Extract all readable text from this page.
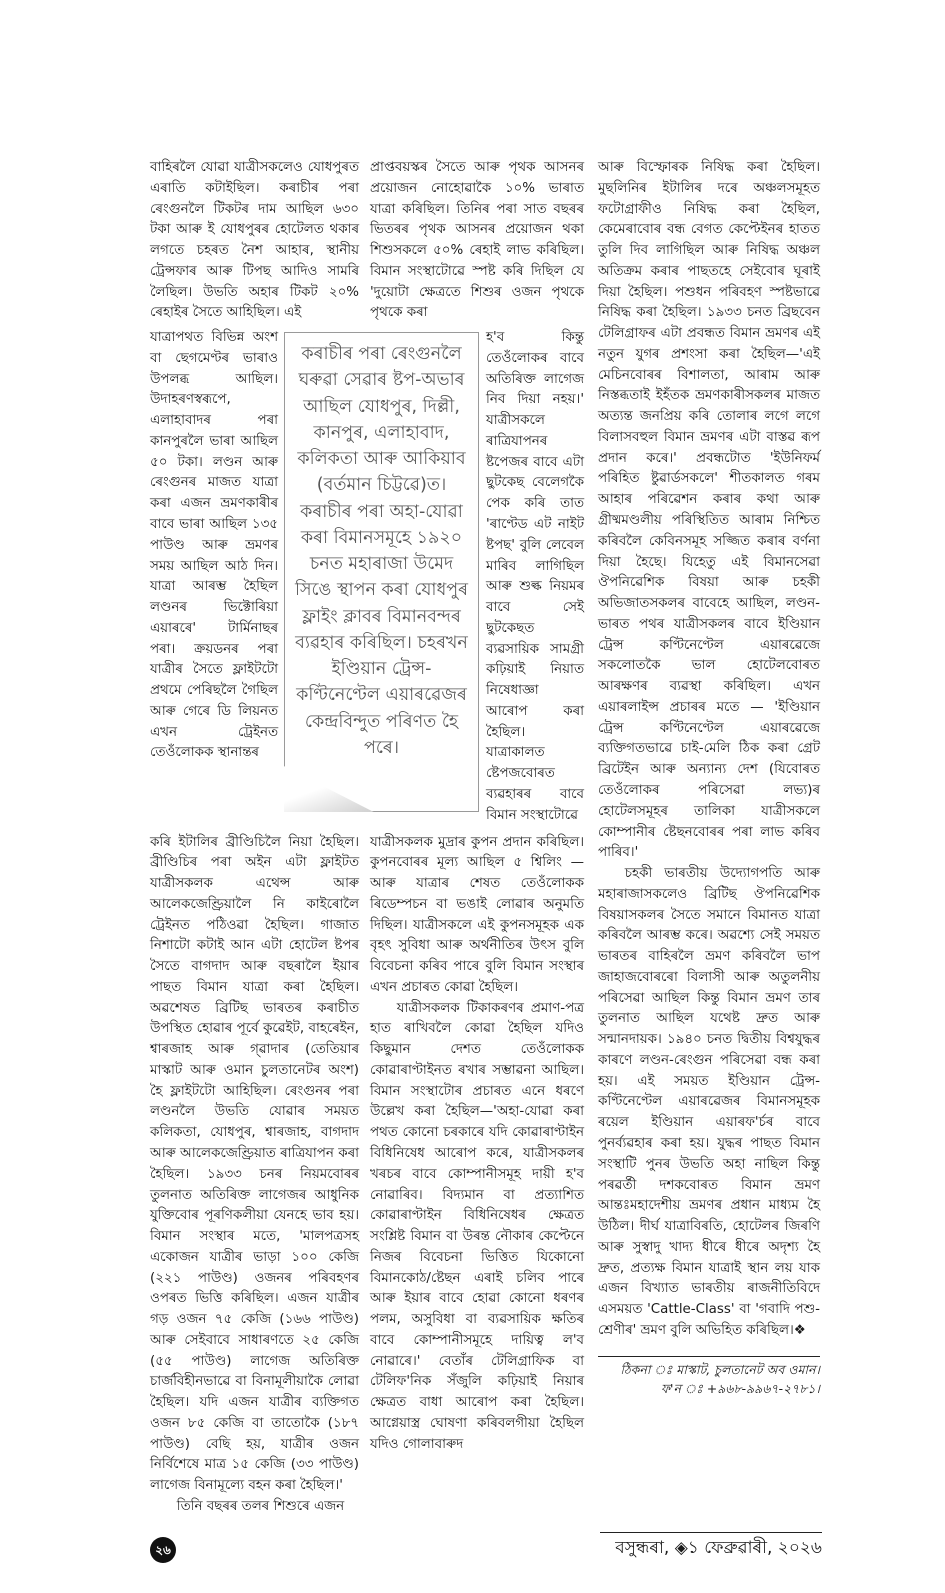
বাহিৰলৈ যোৱা যাত্ৰীসকলেও যোধপুৰত এৰাতি কটাইছিল। কৰাচীৰ পৰা ৰেংগুনলৈ টিকটৰ দাম আছিল ৬৩০ টকা আৰু ই যোধপুৰৰ হোটেলত থকাৰ লগতে চহৰত নৈশ আহাৰ, স্থানীয় ট্ৰেন্সফাৰ আৰু টিপছ আদিও সামৰি লৈছিল। উভতি অহাৰ টিকট ২০% ৰেহাইৰ সৈতে আহিছিল। এই

যাত্ৰাপথত বিভিন্ন অংশ বা ছেগমেণ্টৰ ভাৰাও উপলব্ধ আছিল। উদাহৰণস্বৰূপে, এলাহাবাদৰ পৰা কানপুৰলৈ ভাৰা আছিল ৫০ টকা। লণ্ডন আৰু ৰেংগুনৰ মাজত যাত্ৰা কৰা এজন ভ্ৰমণকাৰীৰ বাবে ভাৰা আছিল ১৩৫ পাউণ্ড আৰু ভ্ৰমণৰ সময় আছিল আঠ দিন। যাত্ৰা আৰম্ভ হৈছিল লণ্ডনৰ ভিক্টোৰিয়া এয়াৰৰে' টাৰ্মিনাছৰ পৰা। ক্ৰয়ডনৰ পৰা যাত্ৰীৰ সৈতে ফ্লাইটটো প্ৰথমে পেৰিছলৈ গৈছিল আৰু গেৰে ডি লিয়নত এখন ট্ৰেইনত তেওঁলোকক স্থানান্তৰ

কৰি ইটালিৰ ব্ৰীণ্ডিচিলৈ নিয়া হৈছিল। ব্ৰীণ্ডিচিৰ পৰা অইন এটা ফ্লাইটত যাত্ৰীসকলক এথেন্স আৰু আলেকজেণ্ড্ৰিয়ালৈ নি কাইৰোলৈ ট্ৰেইনত পঠিওৱা হৈছিল। গাজাত নিশাটো কটাই আন এটা হোটেল ষ্টপৰ সৈতে বাগদাদ আৰু বছৰালৈ ইয়াৰ পাছত বিমান যাত্ৰা কৰা হৈছিল। অৱশেষত ব্ৰিটিছ ভাৰতৰ কৰাচীত উপস্থিত হোৱাৰ পূৰ্বে কুৱেইট, বাহৰেইন, শ্বাৰজাহ আৰু গ্ৱাদাৰ (তেতিয়াৰ মাস্কাট আৰু ওমান চুলতানেটৰ অংশ) হৈ ফ্লাইটটো আহিছিল। ৰেংগুনৰ পৰা লণ্ডনলৈ উভতি যোৱাৰ সময়ত কলিকতা, যোধপুৰ, শ্বাৰজাহ, বাগদাদ আৰু আলেকজেণ্ড্ৰিয়াত ৰাত্ৰিযাপন কৰা হৈছিল। ১৯৩৩ চনৰ নিয়মবোৰৰ তুলনাত অতিৰিক্ত লাগেজৰ আধুনিক যুক্তিবোৰ পূৰণিকলীয়া যেনহে ভাব হয়। বিমান সংস্থাৰ মতে, 'মালপত্ৰসহ একোজন যাত্ৰীৰ ভাড়া ১০০ কেজি (২২১ পাউণ্ড) ওজনৰ পৰিবহণৰ ওপৰত ভিত্তি কৰিছিল। এজন যাত্ৰীৰ গড় ওজন ৭৫ কেজি (১৬৬ পাউণ্ড) আৰু সেইবাবে সাধাৰণতে ২৫ কেজি (৫৫ পাউণ্ড) লাগেজ অতিৰিক্ত চাৰ্জবিহীনভাৱে বা বিনামূলীয়াকৈ লোৱা হৈছিল। যদি এজন যাত্ৰীৰ ব্যক্তিগত ওজন ৮৫ কেজি বা তাতোকৈ (১৮৭ পাউণ্ড) বেছি হয়, যাত্ৰীৰ ওজন নিৰ্বিশেষে মাত্ৰ ১৫ কেজি (৩৩ পাউণ্ড) লাগেজ বিনামূল্যে বহন কৰা হৈছিল।'

তিনি বছৰৰ তলৰ শিশুৰে এজন

কৰাচীৰ পৰা ৰেংগুনলৈ ঘৰুৱা সেৱাৰ ষ্টপ-অভাৰ আছিল যোধপুৰ, দিল্লী, কানপুৰ, এলাহাবাদ, কলিকতা আৰু আকিয়াব (বৰ্তমান চিট্টৱে)ত। কৰাচীৰ পৰা অহা-যোৱা কৰা বিমানসমূহে ১৯২০ চনত মহাৰাজা উমেদ সিঙে স্থাপন কৰা যোধপুৰ ফ্লাইং ক্লাবৰ বিমানবন্দৰ ব্যৱহাৰ কৰিছিল। চহৰখন ইণ্ডিয়ান ট্ৰেন্স-কণ্টিনেণ্টেল এয়াৰৱেজৰ কেন্দ্ৰবিন্দুত পৰিণত হৈ পৰে।

প্ৰাপ্তবয়স্কৰ সৈতে আৰু পৃথক আসনৰ প্ৰয়োজন নোহোৱাকৈ ১০% ভাৰাত যাত্ৰা কৰিছিল। তিনিৰ পৰা সাত বছৰৰ ভিতৰৰ পৃথক আসনৰ প্ৰয়োজন থকা শিশুসকলে ৫০% ৰেহাই লাভ কৰিছিল। বিমান সংস্থাটোৱে স্পষ্ট কৰি দিছিল যে 'দুয়োটা ক্ষেত্ৰতে শিশুৰ ওজন পৃথকে পৃথকে কৰা

হ'ব কিন্তু তেওঁলোকৰ বাবে অতিৰিক্ত লাগেজ নিব দিয়া নহয়।' যাত্ৰীসকলে ৰাত্ৰিযাপনৰ ষ্টপেজৰ বাবে এটা ছুটকেছ বেলেগকৈ পেক কৰি তাত 'ৰাণ্টেড এট নাইট ষ্টপছ' বুলি লেবেল মাৰিব লাগিছিল আৰু শুল্ক নিয়মৰ বাবে সেই ছুটকেছত ব্যৱসায়িক সামগ্ৰী কঢ়িয়াই নিয়াত নিষেধাজ্ঞা আৰোপ কৰা হৈছিল। যাত্ৰাকালত ষ্টেপজবোৰত ব্যৱহাৰৰ বাবে বিমান সংস্থাটোৱে

যাত্ৰীসকলক মুদ্ৰাৰ কুপন প্ৰদান কৰিছিল। কুপনবোৰৰ মূল্য আছিল ৫ শ্বিলিং — আৰু যাত্ৰাৰ শেষত তেওঁলোকক ৰিডেম্পচন বা ভঙাই লোৱাৰ অনুমতি দিছিল। যাত্ৰীসকলে এই কুপনসমূহক এক বৃহৎ সুবিধা আৰু অৰ্থনীতিৰ উৎস বুলি বিবেচনা কৰিব পাৰে বুলি বিমান সংস্থাৰ এখন প্ৰচাৰত কোৱা হৈছিল।

যাত্ৰীসকলক টিকাকৰণৰ প্ৰমাণ-পত্ৰ হাত ৰাখিবলৈ কোৱা হৈছিল যদিও কিছুমান দেশত তেওঁলোকক কোৱাৰাণ্টাইনত ৰখাৰ সম্ভাৱনা আছিল। বিমান সংস্থাটোৰ প্ৰচাৰত এনে ধৰণে উল্লেখ কৰা হৈছিল—'অহা-যোৱা কৰা পথত কোনো চৰকাৰে যদি কোৱাৰাণ্টাইন বিধিনিষেধ আৰোপ কৰে, যাত্ৰীসকলৰ খৰচৰ বাবে কোম্পানীসমূহ দায়ী হ'ব নোৱাৰিব। বিদ্যমান বা প্ৰত্যাশিত কোৱাৰাণ্টাইন বিধিনিষেধৰ ক্ষেত্ৰত সংশ্লিষ্ট বিমান বা উৰন্ত নৌকাৰ কেপ্টেনে নিজৰ বিবেচনা ভিত্তিত যিকোনো বিমানকোঠ/ষ্টেছন এৰাই চলিব পাৰে আৰু ইয়াৰ বাবে হোৱা কোনো ধৰণৰ পলম, অসুবিধা বা ব্যৱসায়িক ক্ষতিৰ বাবে কোম্পানীসমূহে দায়িত্ব ল'ব নোৱাৰে।' বেতাঁৰ টেলিগ্ৰাফিক বা টেলিফ'নিক সঁজুলি কঢ়িয়াই নিয়াৰ ক্ষেত্ৰত বাধা আৰোপ কৰা হৈছিল। আগ্নেয়াস্ত্ৰ ঘোষণা কৰিবলগীয়া হৈছিল যদিও গোলাবাৰুদ

আৰু বিস্ফোৰক নিষিদ্ধ কৰা হৈছিল। মুছলিনিৰ ইটালিৰ দৰে অঞ্চলসমূহত ফটোগ্ৰাফীও নিষিদ্ধ কৰা হৈছিল, কেমেৰাবোৰ বন্ধ বেগত কেপ্টেইনৰ হাতত তুলি দিব লাগিছিল আৰু নিষিদ্ধ অঞ্চল অতিক্ৰম কৰাৰ পাছতহে সেইবোৰ ঘূৰাই দিয়া হৈছিল। পশুধন পৰিবহণ স্পষ্টভাৱে নিষিদ্ধ কৰা হৈছিল। ১৯৩৩ চনত ব্ৰিছবেন টেলিগ্ৰাফৰ এটা প্ৰবন্ধত বিমান ভ্ৰমণৰ এই নতুন যুগৰ প্ৰশংসা কৰা হৈছিল—'এই মেচিনবোৰৰ বিশালতা, আৰাম আৰু নিস্তব্ধতাই ইহঁতক ভ্ৰমণকাৰীসকলৰ মাজত অত্যন্ত জনপ্ৰিয় কৰি তোলাৰ লগে লগে বিলাসবহুল বিমান ভ্ৰমণৰ এটা বাস্তৱ ৰূপ প্ৰদান কৰে।' প্ৰবন্ধটোত 'ইউনিফৰ্ম পৰিহিত ষ্টুৱাৰ্ডসকলে' শীতকালত গৰম আহাৰ পৰিৱেশন কৰাৰ কথা আৰু গ্ৰীষ্মমণ্ডলীয় পৰিস্থিতিত আৰাম নিশ্চিত কৰিবলৈ কেবিনসমূহ সজ্জিত কৰাৰ বৰ্ণনা দিয়া হৈছে। যিহেতু এই বিমানসেৱা ঔপনিৱেশিক বিষয়া আৰু চহকী অভিজাতসকলৰ বাবেহে আছিল, লণ্ডন-ভাৰত পথৰ যাত্ৰীসকলৰ বাবে ইণ্ডিয়ান ট্ৰেন্স কণ্টিনেণ্টেল এয়াৰৱেজে সকলোতকৈ ভাল হোটেলবোৰত আৰক্ষণৰ ব্যৱস্থা কৰিছিল। এখন এয়াৰলাইন্স প্ৰচাৰৰ মতে — 'ইণ্ডিয়ান ট্ৰেন্স কণ্টিনেণ্টেল এয়াৰৱেজে ব্যক্তিগতভাৱে চাই-মেলি ঠিক কৰা গ্ৰেট ব্ৰিটেইন আৰু অন্যান্য দেশ (যিবোৰত তেওঁলোকৰ পৰিসেৱা লভ্য)ৰ হোটেলসমূহৰ তালিকা যাত্ৰীসকলে কোম্পানীৰ ষ্টেছনবোৰৰ পৰা লাভ কৰিব পাৰিব।'

চহকী ভাৰতীয় উদ্যোগপতি আৰু মহাৰাজাসকলেও ব্ৰিটিছ ঔপনিৱেশিক বিষয়াসকলৰ সৈতে সমানে বিমানত যাত্ৰা কৰিবলৈ আৰম্ভ কৰে। অৱশ্যে সেই সময়ত ভাৰতৰ বাহিৰলৈ ভ্ৰমণ কৰিবলৈ ভাপ জাহাজবোৰৰো বিলাসী আৰু অতুলনীয় পৰিসেৱা আছিল কিন্তু বিমান ভ্ৰমণ তাৰ তুলনাত আছিল যথেষ্ট দ্ৰুত আৰু সন্মানদায়ক। ১৯৪০ চনত দ্বিতীয় বিশ্বযুদ্ধৰ কাৰণে লণ্ডন-ৰেংগুন পৰিসেৱা বন্ধ কৰা হয়। এই সময়ত ইণ্ডিয়ান ট্ৰেন্স-কণ্টিনেণ্টেল এয়াৰৱেজৰ বিমানসমূহক ৰয়েল ইণ্ডিয়ান এয়াৰফ'ৰ্চৰ বাবে পুনৰ্ব্যৱহাৰ কৰা হয়। যুদ্ধৰ পাছত বিমান সংস্থাটি পুনৰ উভতি অহা নাছিল কিন্তু পৰৱৰ্তী দশকবোৰত বিমান ভ্ৰমণ আন্তঃমহাদেশীয় ভ্ৰমণৰ প্ৰধান মাধ্যম হৈ উঠিল। দীৰ্ঘ যাত্ৰাবিৰতি, হোটেলৰ জিৰণি আৰু সুস্বাদু খাদ্য ধীৰে ধীৰে অদৃশ্য হৈ দ্ৰুত, প্ৰত্যক্ষ বিমান যাত্ৰাই স্থান লয় যাক এজন বিখ্যাত ভাৰতীয় ৰাজনীতিবিদে এসময়ত 'Cattle-Class' বা 'গবাদি পশু-শ্ৰেণীৰ' ভ্ৰমণ বুলি অভিহিত কৰিছিল।❖

ঠিকনা ঃ মাস্কাট, চুলতানেট অব ওমান।
ফ'ন ঃ +৯৬৮-৯৯৬৭-২৭৮১।
২৬	বসুন্ধৰা, ◈১ ফেব্ৰুৱাৰী, ২০২৬
